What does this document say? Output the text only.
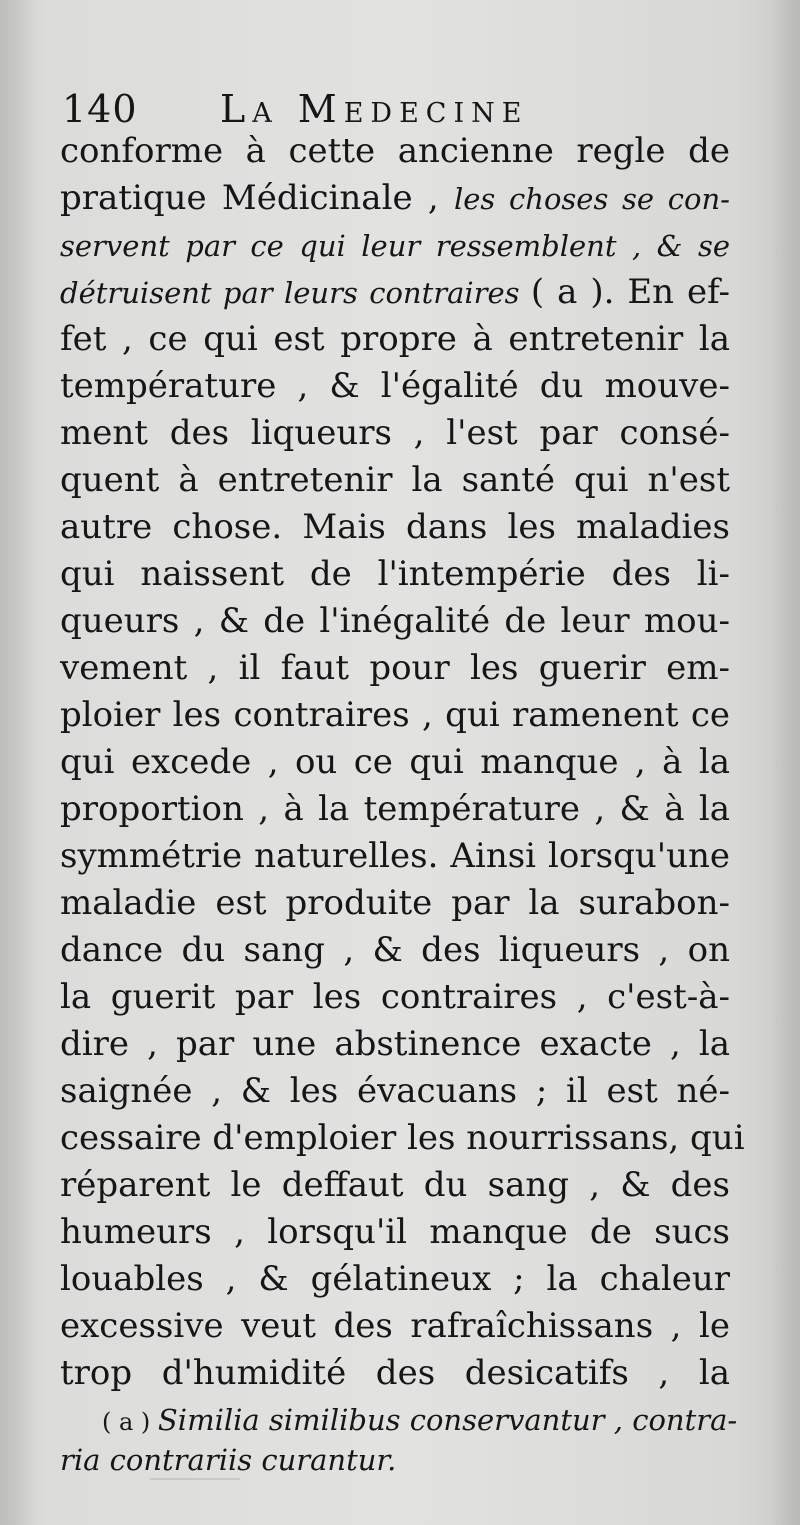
140 La Medecine
conforme à cette ancienne regle de
pratique Médicinale , les choses se con-
servent par ce qui leur ressemblent , & se
détruisent par leurs contraires ( a ). En ef-
fet , ce qui est propre à entretenir la
température , & l'égalité du mouve-
ment des liqueurs , l'est par consé-
quent à entretenir la santé qui n'est
autre chose. Mais dans les maladies
qui naissent de l'intempérie des li-
queurs , & de l'inégalité de leur mou-
vement , il faut pour les guerir em-
ploier les contraires , qui ramenent ce
qui excede , ou ce qui manque , à la
proportion , à la température , & à la
symmétrie naturelles. Ainsi lorsqu'une
maladie est produite par la surabon-
dance du sang , & des liqueurs , on
la guerit par les contraires , c'est-à-
dire , par une abstinence exacte , la
saignée , & les évacuans ; il est né-
cessaire d'emploier les nourrissans, qui
réparent le deffaut du sang , & des
humeurs , lorsqu'il manque de sucs
louables , & gélatineux ; la chaleur
excessive veut des rafraîchissans , le
trop d'humidité des desicatifs , la
( a ) Similia similibus conservantur , contra-
ria contrariis curantur.
